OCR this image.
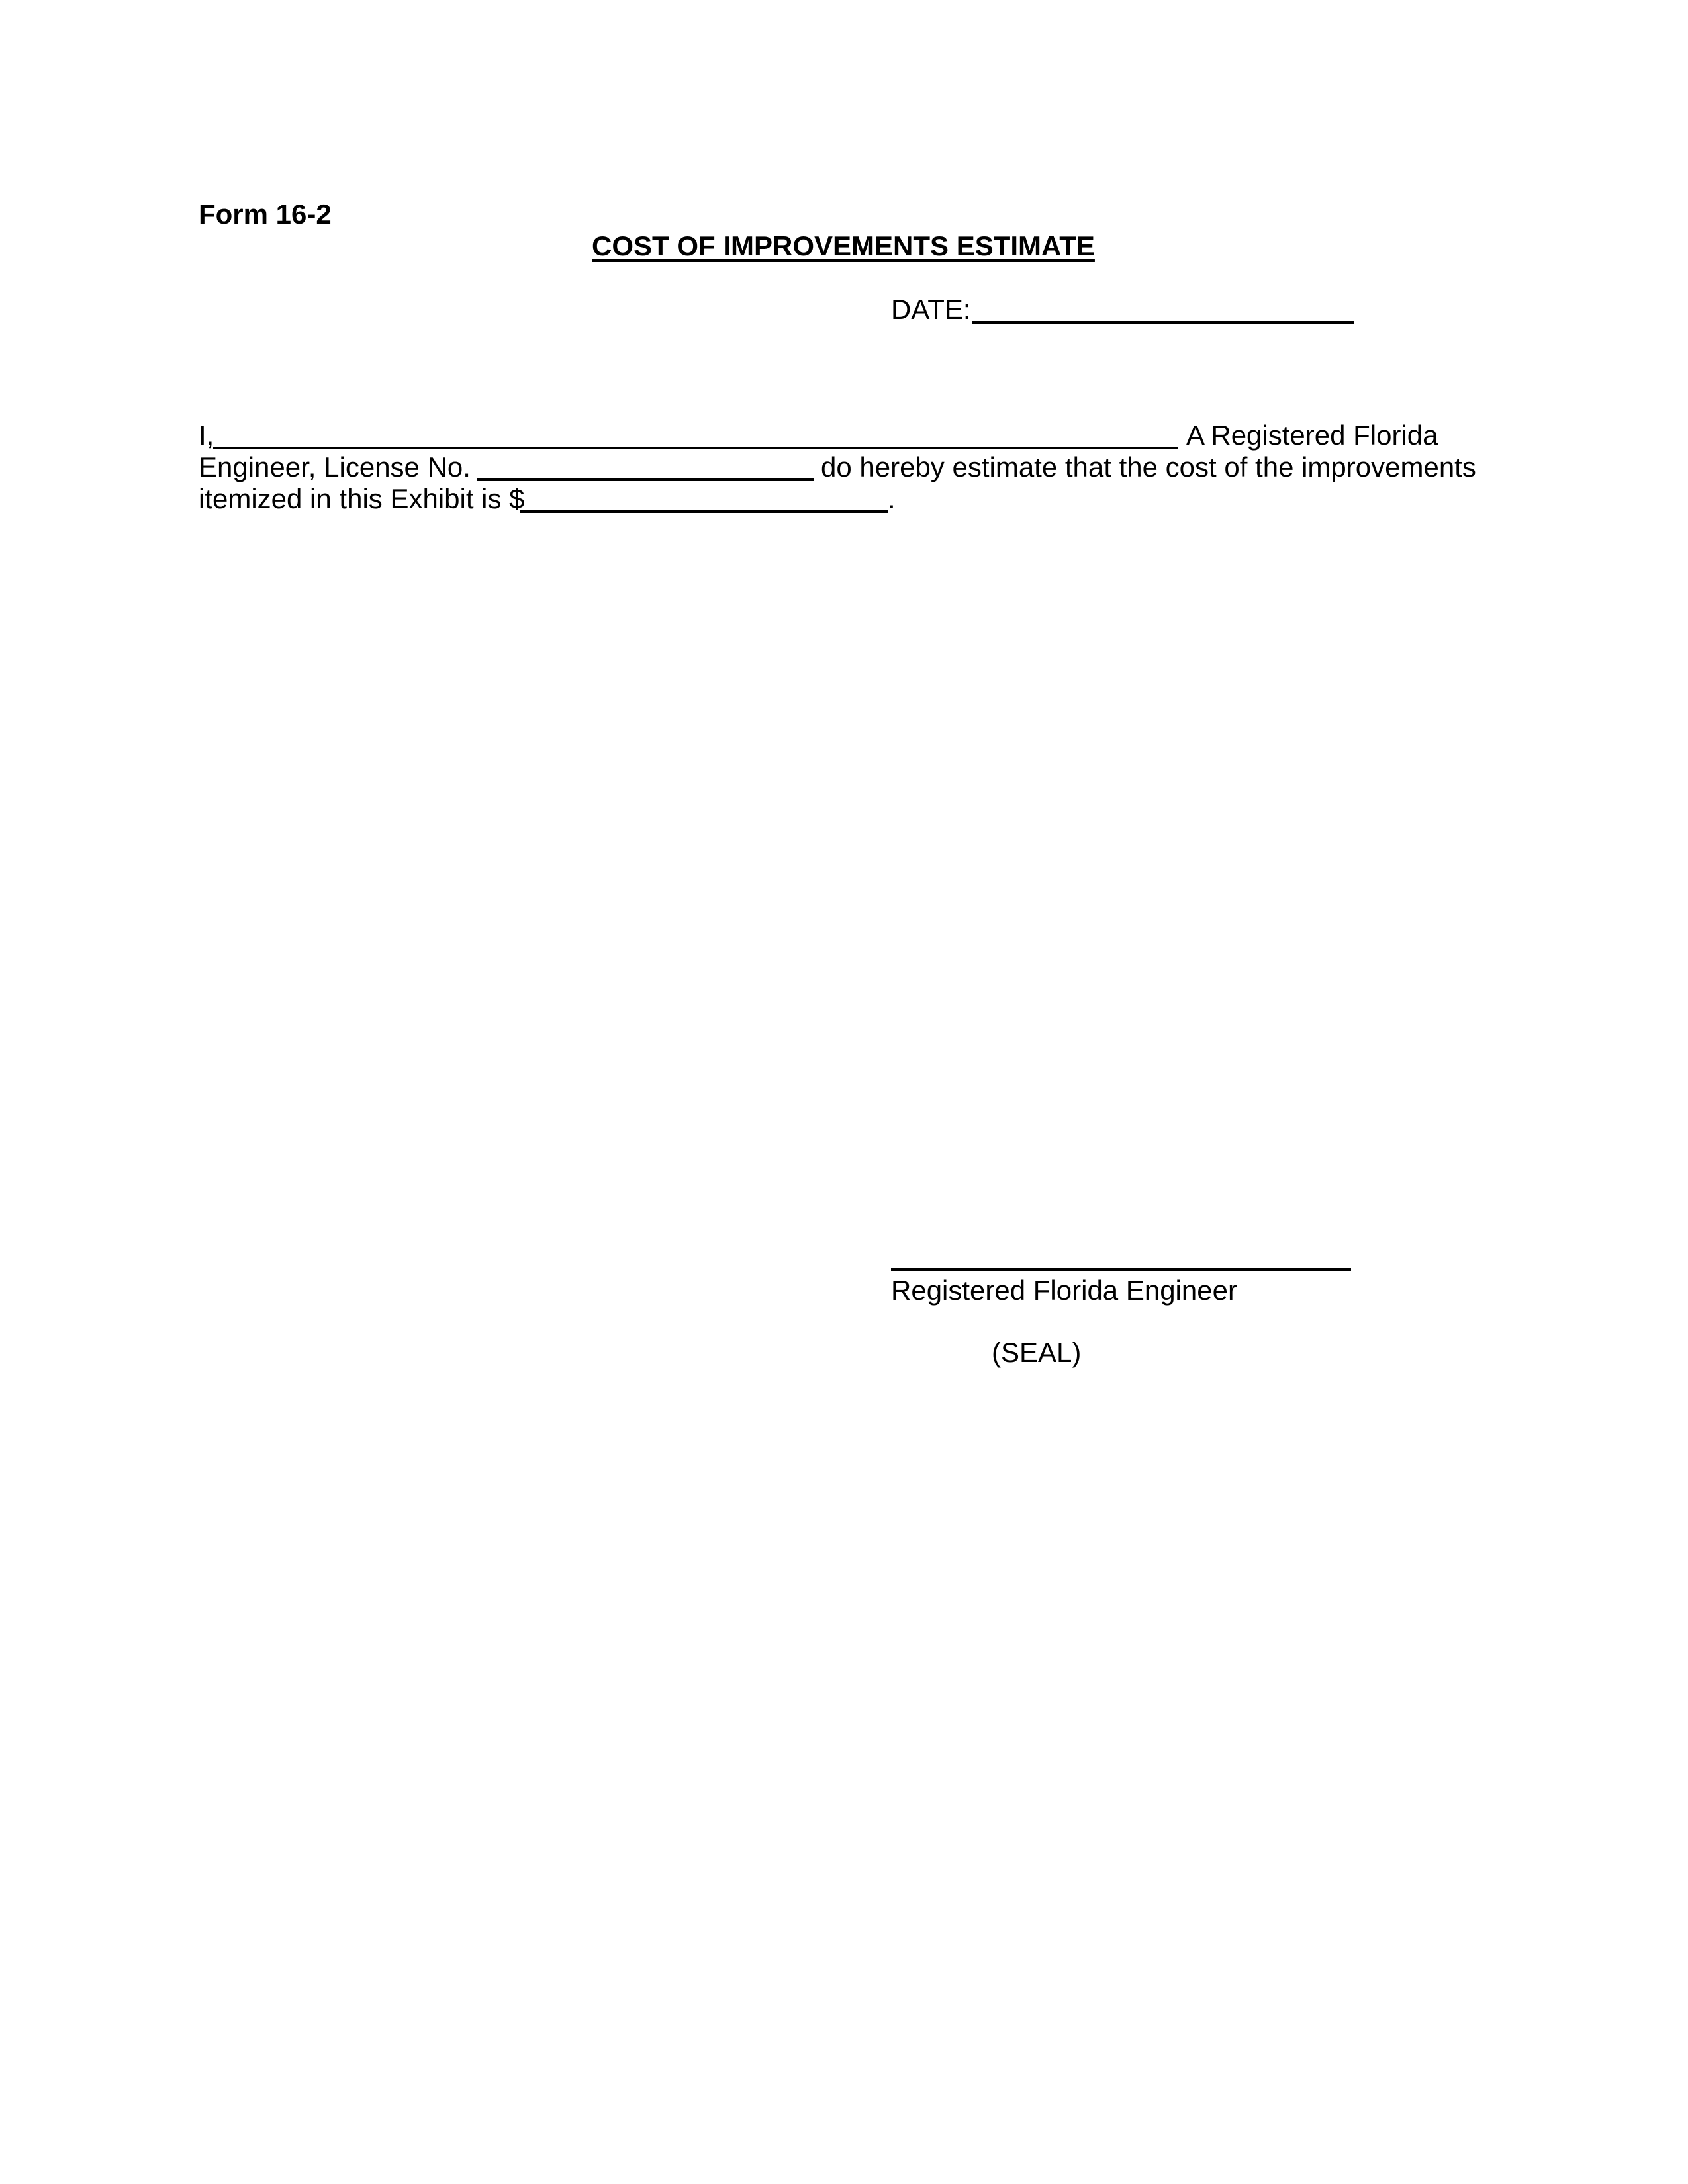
Form 16-2
COST OF IMPROVEMENTS ESTIMATE
DATE:
I,	A Registered Florida
Engineer, License No.	do hereby estimate that the cost of the improvements
itemized in this Exhibit is $	.
Registered Florida Engineer
(SEAL)
